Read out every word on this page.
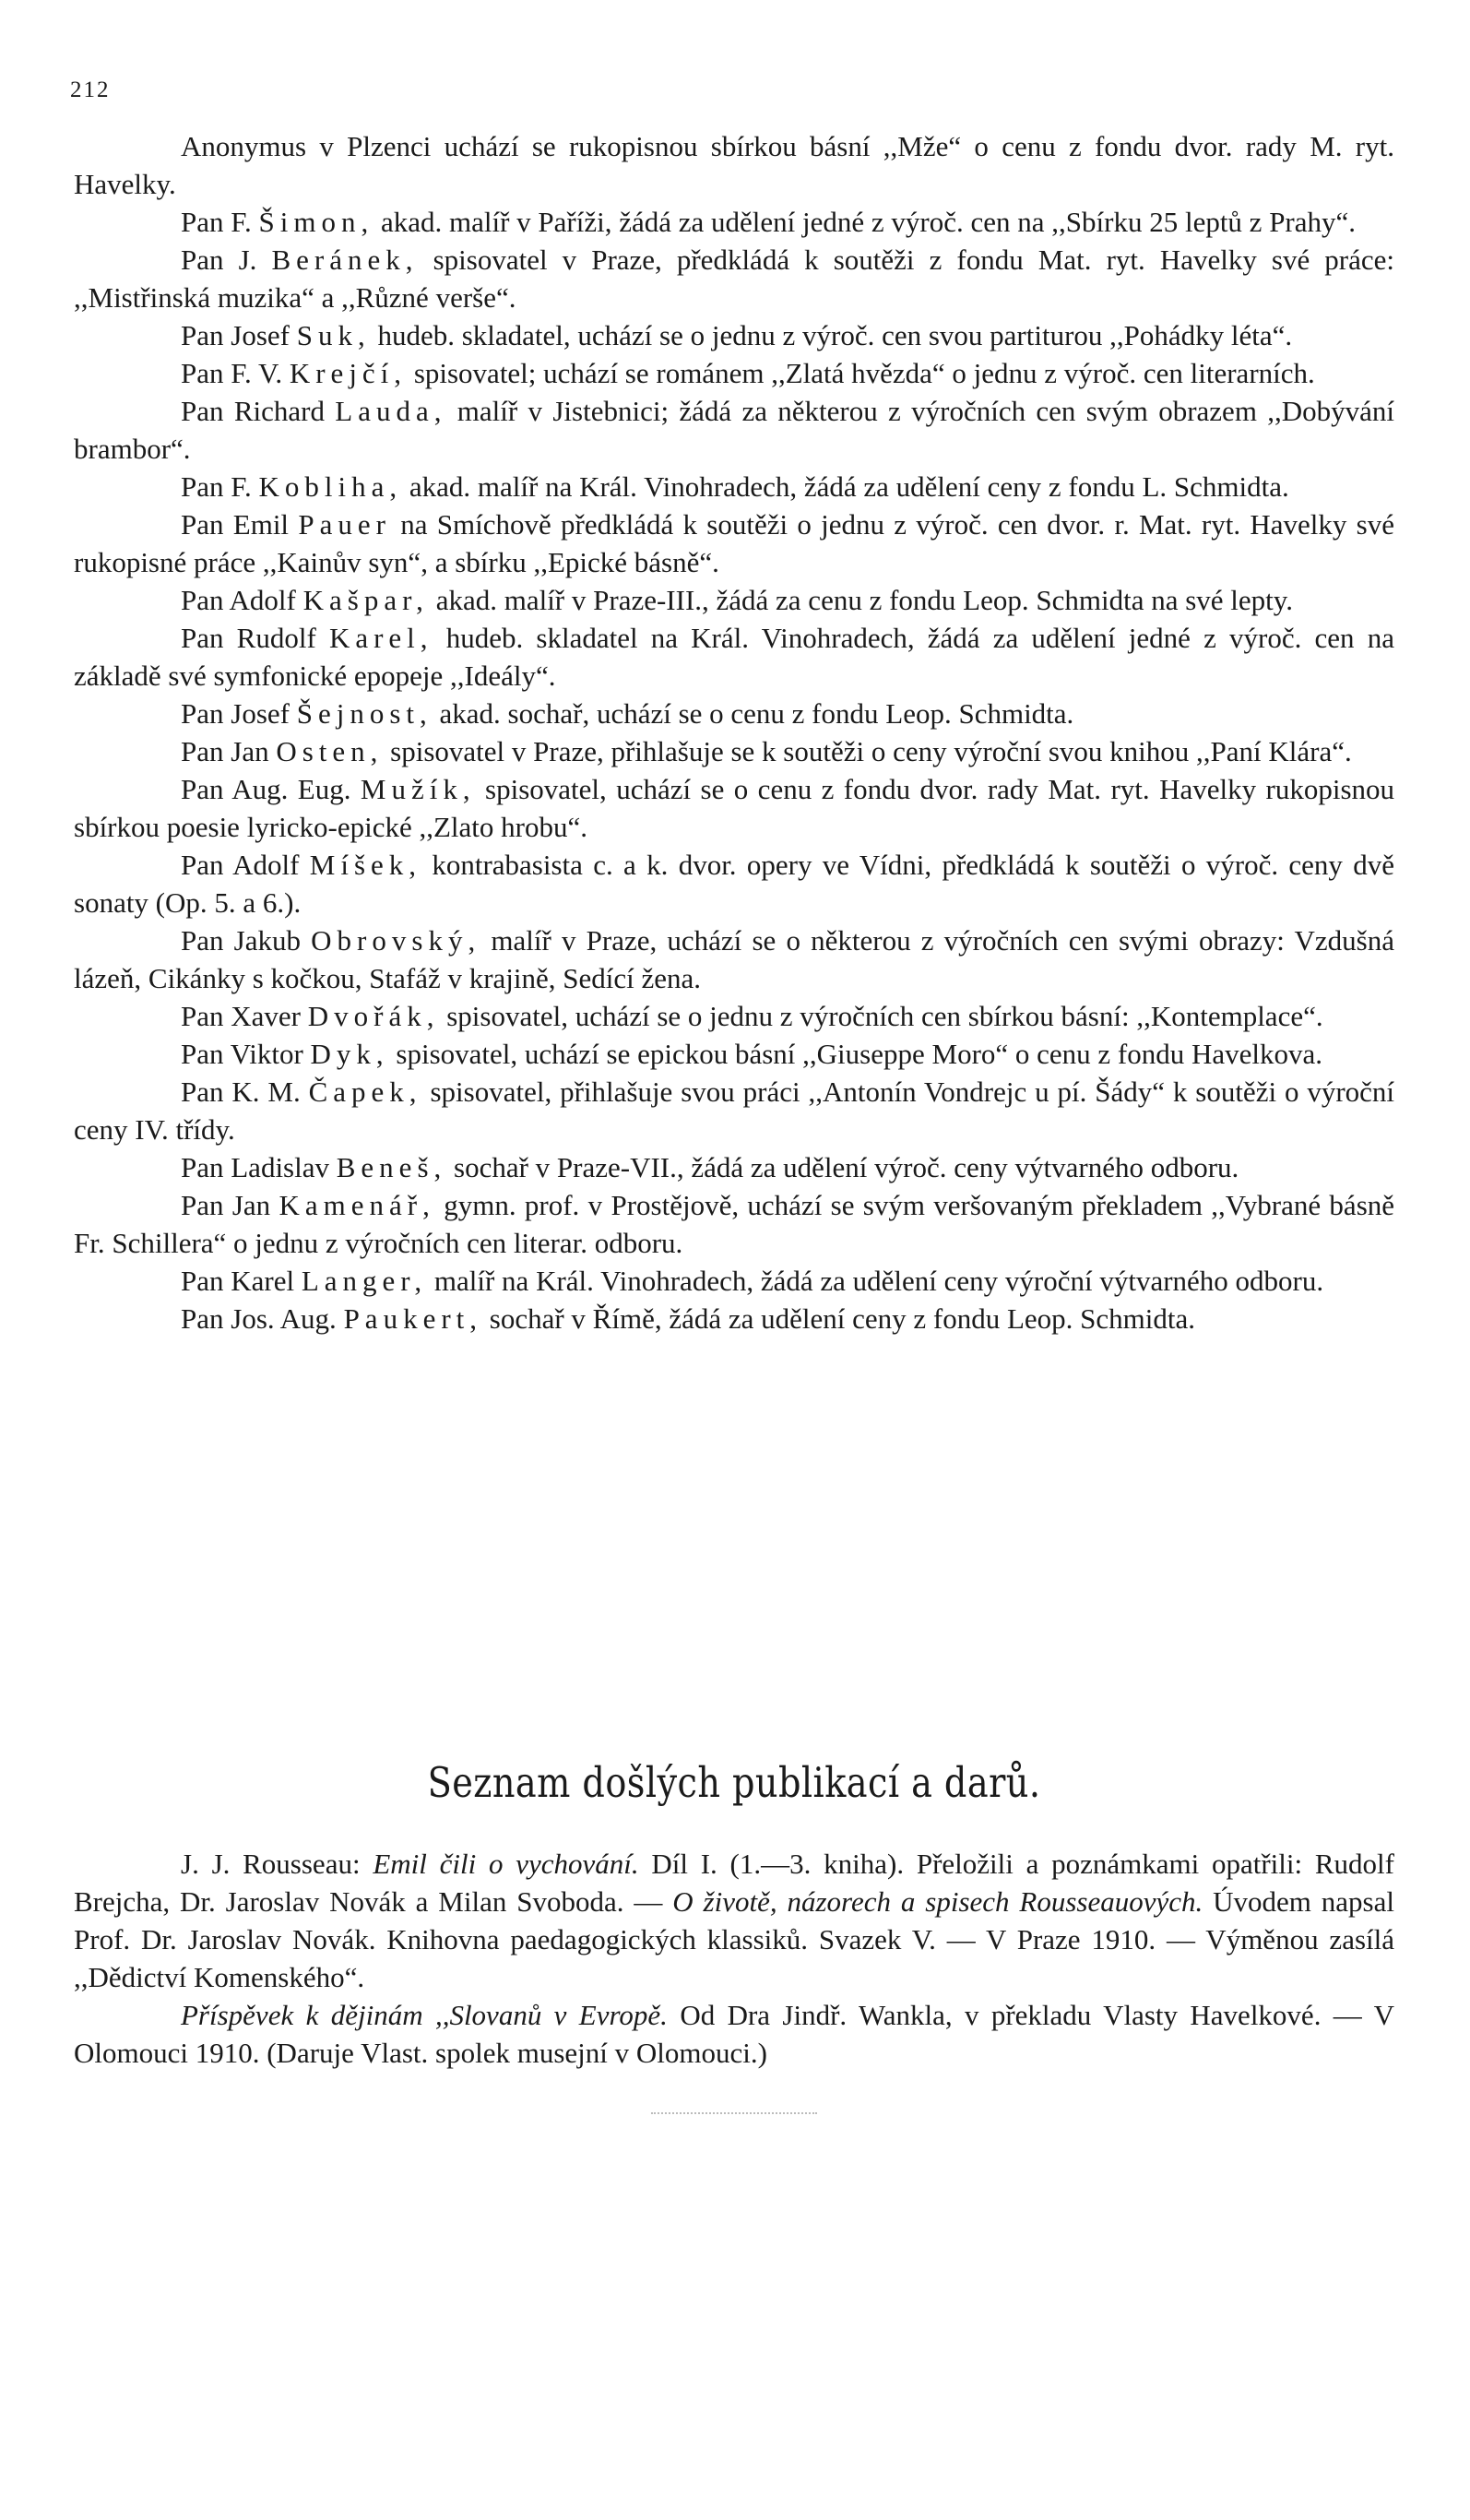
212

Anonymus v Plzenci uchází se rukopisnou sbírkou básní ,,Mže“ o cenu z fondu dvor. rady M. ryt. Havelky.

Pan F. Šimon, akad. malíř v Paříži, žádá za udělení jedné z výroč. cen na ,,Sbírku 25 leptů z Prahy“.

Pan J. Beránek, spisovatel v Praze, předkládá k soutěži z fondu Mat. ryt. Havelky své práce: ,,Mistřinská muzika“ a ,,Různé verše“.

Pan Josef Suk, hudeb. skladatel, uchází se o jednu z výroč. cen svou partiturou ,,Pohádky léta“.

Pan F. V. Krejčí, spisovatel; uchází se románem ,,Zlatá hvězda“ o jednu z výroč. cen literarních.

Pan Richard Lauda, malíř v Jistebnici; žádá za některou z výročních cen svým obrazem ,,Dobývání brambor“.

Pan F. Kobliha, akad. malíř na Král. Vinohradech, žádá za udělení ceny z fondu L. Schmidta.

Pan Emil Pauer na Smíchově předkládá k soutěži o jednu z výroč. cen dvor. r. Mat. ryt. Havelky své rukopisné práce ,,Kainův syn“, a sbírku ,,Epické básně“.

Pan Adolf Kašpar, akad. malíř v Praze-III., žádá za cenu z fondu Leop. Schmidta na své lepty.

Pan Rudolf Karel, hudeb. skladatel na Král. Vinohradech, žádá za udělení jedné z výroč. cen na základě své symfonické epopeje ,,Ideály“.

Pan Josef Šejnost, akad. sochař, uchází se o cenu z fondu Leop. Schmidta.

Pan Jan Osten, spisovatel v Praze, přihlašuje se k soutěži o ceny výroční svou knihou ,,Paní Klára“.

Pan Aug. Eug. Mužík, spisovatel, uchází se o cenu z fondu dvor. rady Mat. ryt. Havelky rukopisnou sbírkou poesie lyricko-epické ,,Zlato hrobu“.

Pan Adolf Míšek, kontrabasista c. a k. dvor. opery ve Vídni, předkládá k soutěži o výroč. ceny dvě sonaty (Op. 5. a 6.).

Pan Jakub Obrovský, malíř v Praze, uchází se o některou z výročních cen svými obrazy: Vzdušná lázeň, Cikánky s kočkou, Stafáž v krajině, Sedící žena.

Pan Xaver Dvořák, spisovatel, uchází se o jednu z výročních cen sbírkou básní: ,,Kontemplace“.

Pan Viktor Dyk, spisovatel, uchází se epickou básní ,,Giuseppe Moro“ o cenu z fondu Havelkova.

Pan K. M. Čapek, spisovatel, přihlašuje svou práci ,,Antonín Vondrejc u pí. Šády“ k soutěži o výroční ceny IV. třídy.

Pan Ladislav Beneš, sochař v Praze-VII., žádá za udělení výroč. ceny výtvarného odboru.

Pan Jan Kamenář, gymn. prof. v Prostějově, uchází se svým veršovaným překladem ,,Vybrané básně Fr. Schillera“ o jednu z výročních cen literar. odboru.

Pan Karel Langer, malíř na Král. Vinohradech, žádá za udělení ceny výroční výtvarného odboru.

Pan Jos. Aug. Paukert, sochař v Římě, žádá za udělení ceny z fondu Leop. Schmidta.

Seznam došlých publikací a darů.

J. J. Rousseau: Emil čili o vychování. Díl I. (1.—3. kniha). Přeložili a poznámkami opatřili: Rudolf Brejcha, Dr. Jaroslav Novák a Milan Svoboda. — O životě, názorech a spisech Rousseauových. Úvodem napsal Prof. Dr. Jaroslav Novák. Knihovna paedagogických klassiků. Svazek V. — V Praze 1910. — Výměnou zasílá ,,Dědictví Komenského“.

Příspěvek k dějinám ,,Slovanů v Evropě. Od Dra Jindř. Wankla, v překladu Vlasty Havelkové. — V Olomouci 1910. (Daruje Vlast. spolek musejní v Olomouci.)
